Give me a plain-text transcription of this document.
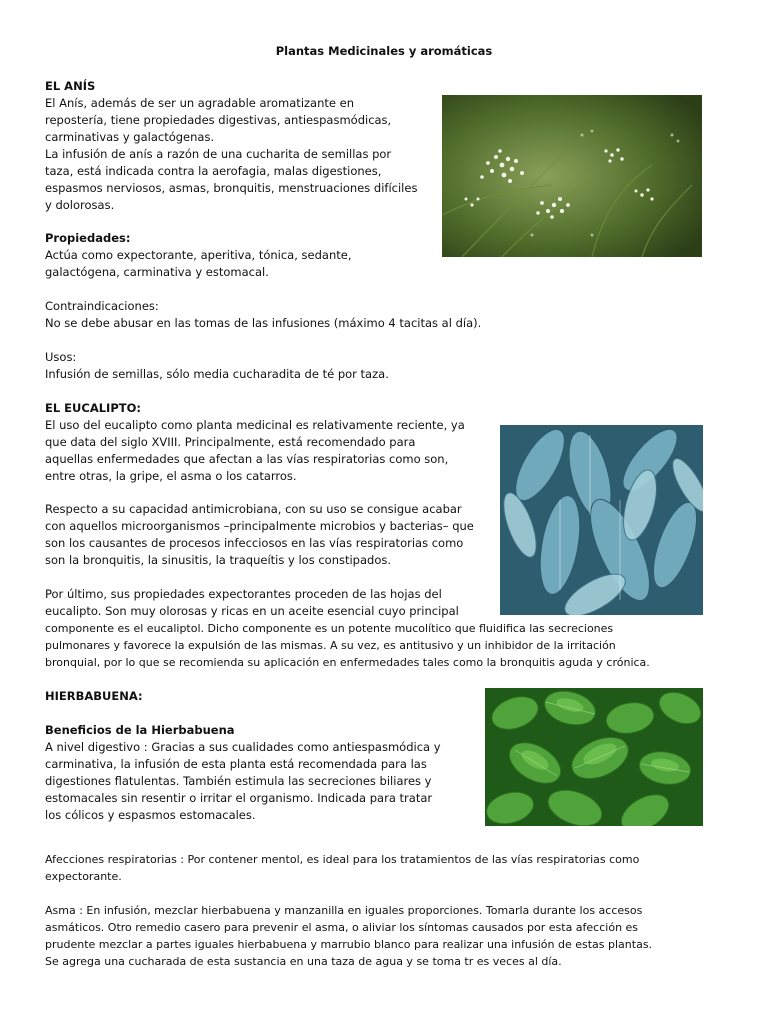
Plantas Medicinales y aromáticas

EL ANÍS

El Anís, además de ser un agradable aromatizante en

repostería, tiene propiedades digestivas, antiespasmódicas,

carminativas y galactógenas.

La infusión de anís a razón de una cucharita de semillas por

taza, está indicada contra la aerofagia, malas digestiones,

espasmos nerviosos, asmas, bronquitis, menstruaciones difíciles

y dolorosas.

Propiedades:

Actúa como expectorante, aperitiva, tónica, sedante,

galactógena, carminativa y estomacal.

Contraindicaciones:

No se debe abusar en las tomas de las infusiones (máximo 4 tacitas al día).

Usos:

Infusión de semillas, sólo media cucharadita de té por taza.

EL EUCALIPTO:

El uso del eucalipto como planta medicinal es relativamente reciente, ya

que data del siglo XVIII. Principalmente, está recomendado para

aquellas enfermedades que afectan a las vías respiratorias como son,

entre otras, la gripe, el asma o los catarros.

Respecto a su capacidad antimicrobiana, con su uso se consigue acabar

con aquellos microorganismos –principalmente microbios y bacterias– que

son los causantes de procesos infecciosos en las vías respiratorias como

son la bronquitis, la sinusitis, la traqueítis y los constipados.

Por último, sus propiedades expectorantes proceden de las hojas del

eucalipto. Son muy olorosas y ricas en un aceite esencial cuyo principal

componente es el eucaliptol. Dicho componente es un potente mucolítico que fluidifica las secreciones

pulmonares y favorece la expulsión de las mismas. A su vez, es antitusivo y un inhibidor de la irritación

bronquial, por lo que se recomienda su aplicación en enfermedades tales como la bronquitis aguda y crónica.

HIERBABUENA:

Beneficios de la Hierbabuena

A nivel digestivo : Gracias a sus cualidades como antiespasmódica y

carminativa, la infusión de esta planta está recomendada para las

digestiones flatulentas. También estimula las secreciones biliares y

estomacales sin resentir o irritar el organismo. Indicada para tratar

los cólicos y espasmos estomacales.

Afecciones respiratorias : Por contener mentol, es ideal para los tratamientos de las vías respiratorias como

expectorante.

Asma : En infusión, mezclar hierbabuena y manzanilla en iguales proporciones. Tomarla durante los accesos

asmáticos. Otro remedio casero para prevenir el asma, o aliviar los síntomas causados por esta afección es

prudente mezclar a partes iguales hierbabuena y marrubio blanco para realizar una infusión de estas plantas.

Se agrega una cucharada de esta sustancia en una taza de agua y se toma tr es veces al día.
